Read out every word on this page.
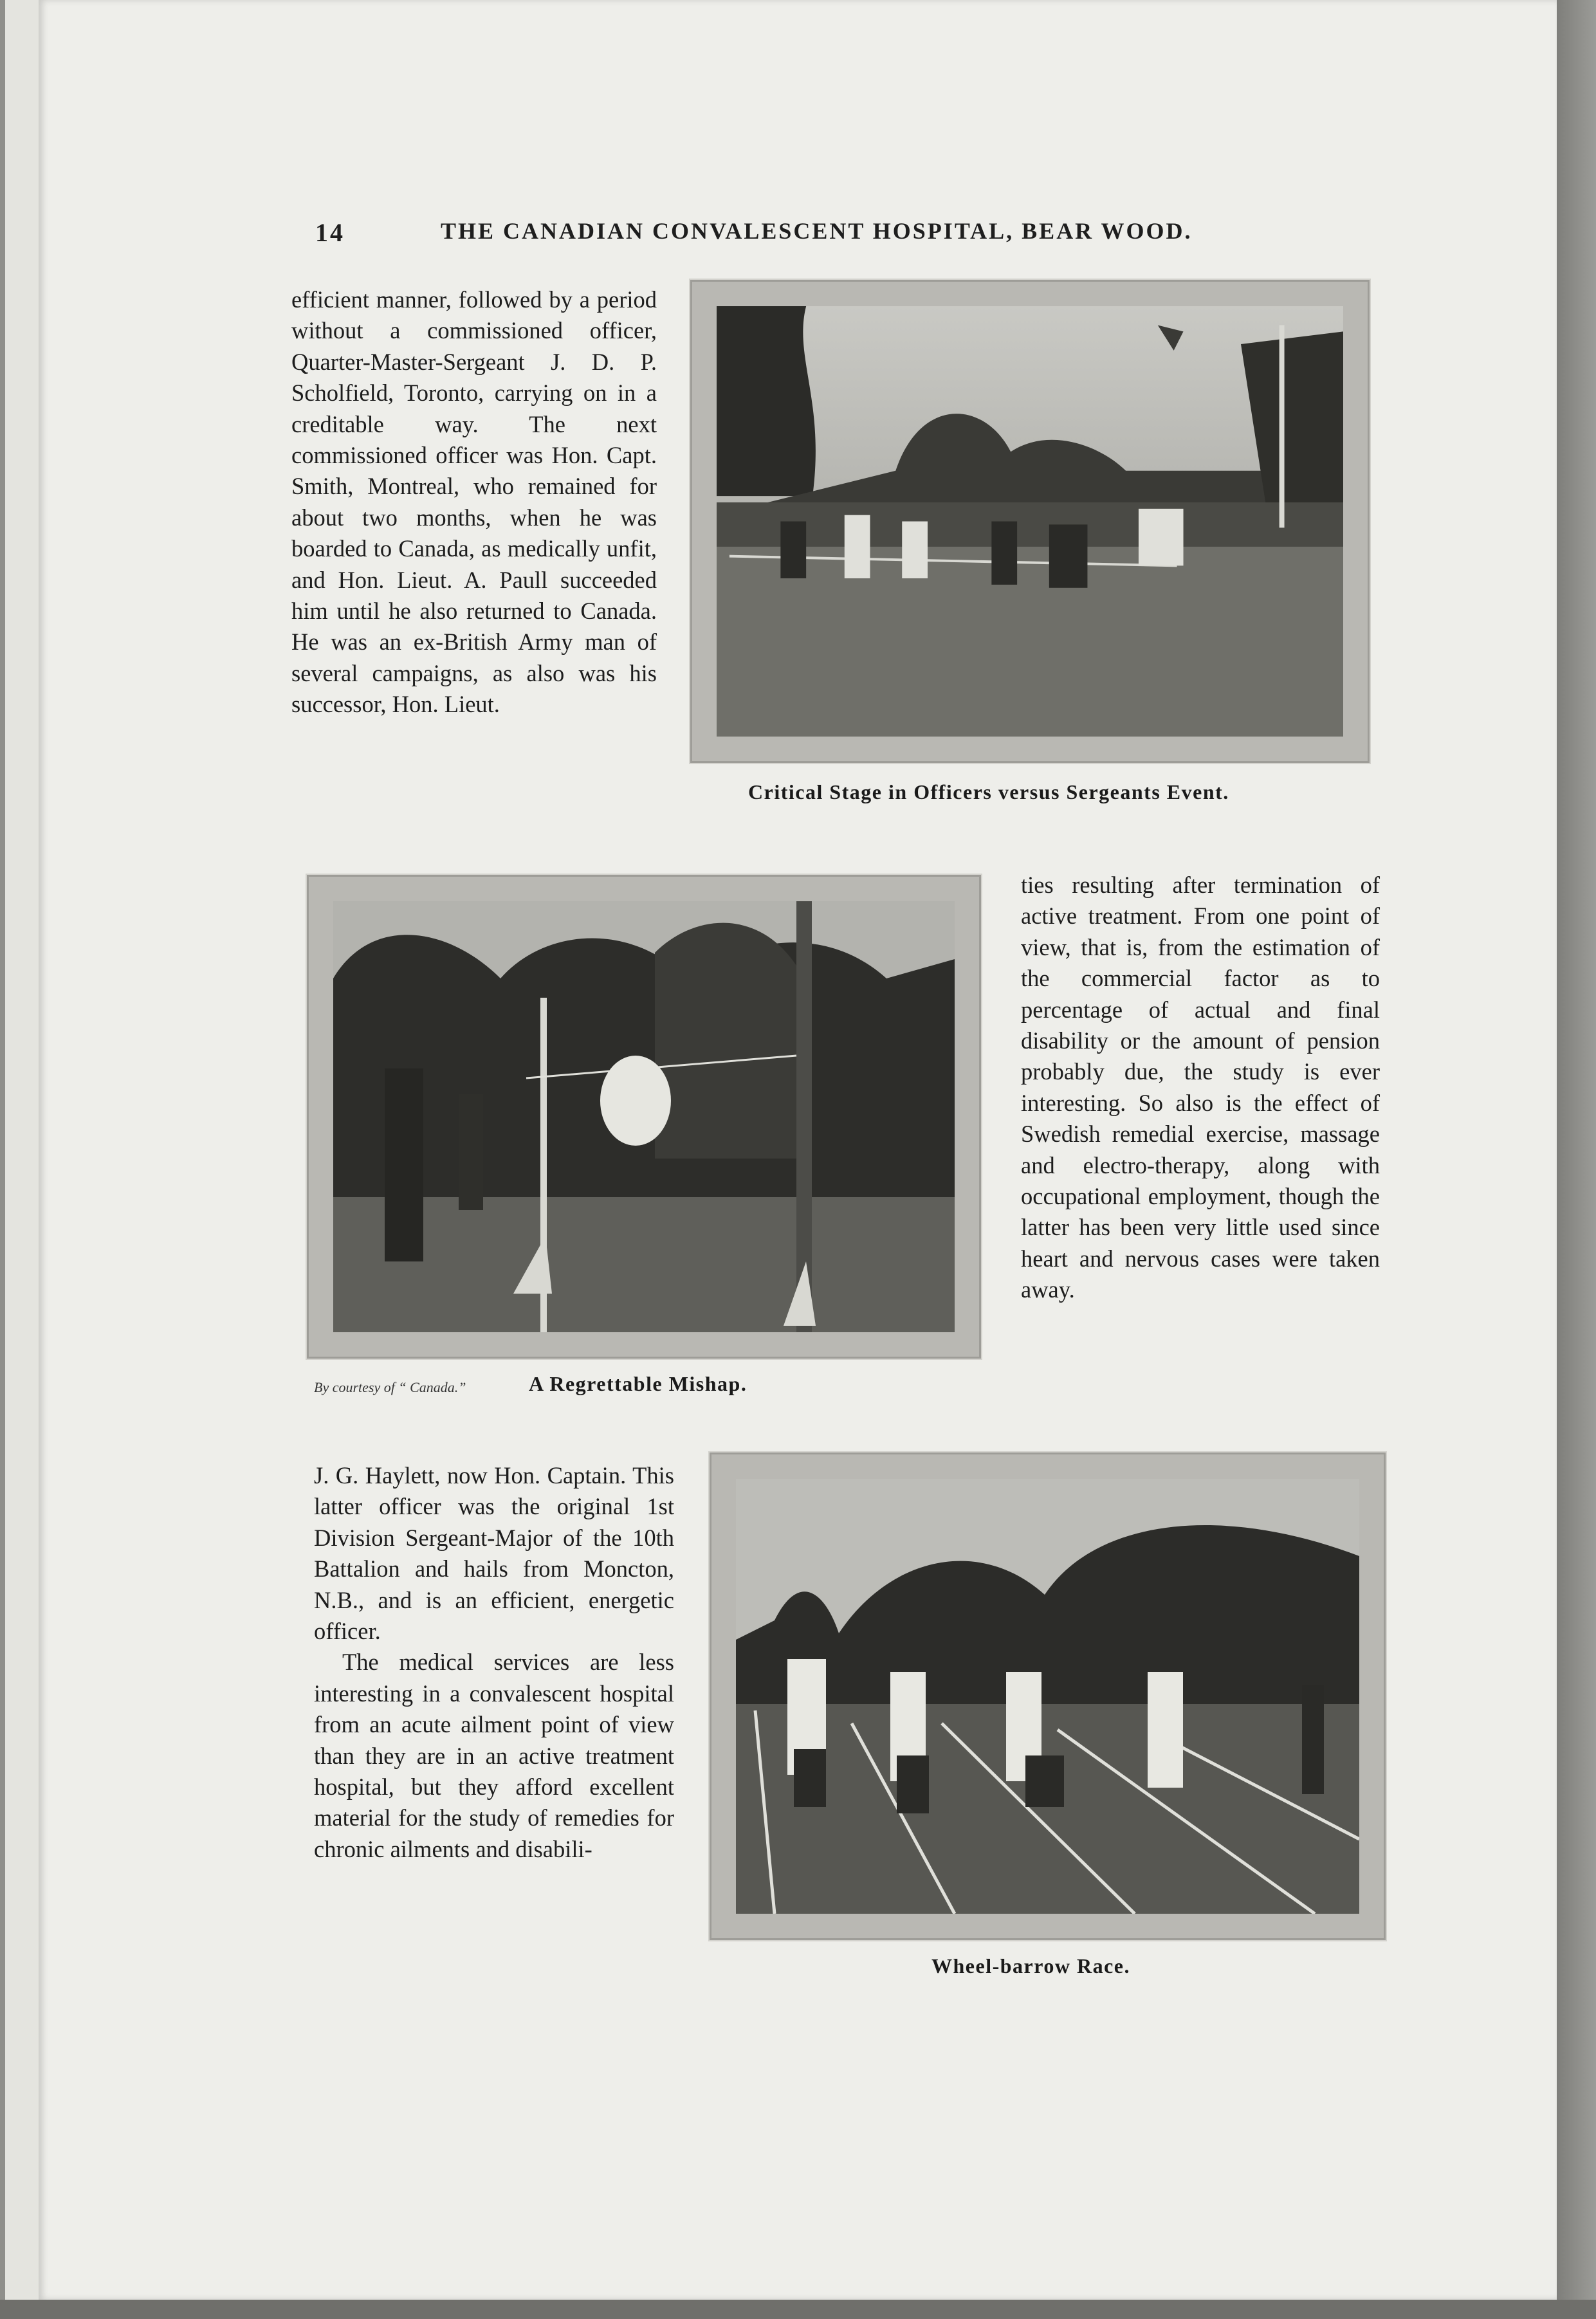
14	THE CANADIAN CONVALESCENT HOSPITAL, BEAR WOOD.

efficient manner, followed by a period without a commissioned officer, Quarter-Master-Sergeant J. D. P. Scholfield, Toronto, carrying on in a creditable way. The next commissioned officer was Hon. Capt. Smith, Montreal, who remained for about two months, when he was boarded to Canada, as medically unfit, and Hon. Lieut. A. Paull succeeded him until he also returned to Canada. He was an ex-British Army man of several campaigns, as also was his successor, Hon. Lieut.

Critical Stage in Officers versus Sergeants Event.
By courtesy of “ Canada.”	A Regrettable Mishap.

ties resulting after termination of active treatment. From one point of view, that is, from the estimation of the commercial factor as to percentage of actual and final disability or the amount of pension probably due, the study is ever interesting. So also is the effect of Swedish remedial exercise, massage and electro-therapy, along with occupational employment, though the latter has been very little used since heart and nervous cases were taken away.

J. G. Haylett, now Hon. Captain. This latter officer was the original 1st Division Sergeant-Major of the 10th Battalion and hails from Moncton, N.B., and is an efficient, energetic officer.

The medical services are less interesting in a convalescent hospital from an acute ailment point of view than they are in an active treatment hospital, but they afford excellent material for the study of remedies for chronic ailments and disabili-

Wheel-barrow Race.
